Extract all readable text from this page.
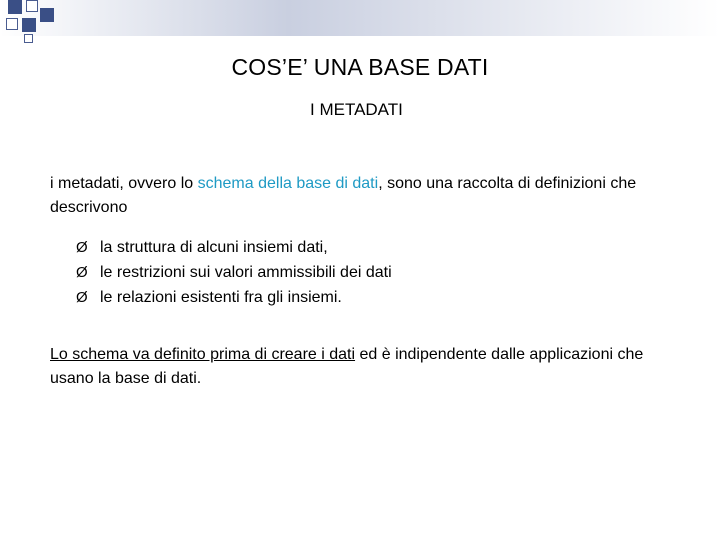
COS’E’ UNA BASE DATI
I METADATI
i metadati, ovvero lo schema della base di dati, sono una raccolta di definizioni che descrivono
Ø la struttura di alcuni insiemi dati,
Ø le restrizioni sui valori ammissibili dei dati
Ø le relazioni esistenti fra gli insiemi.
Lo schema va definito prima di creare i dati ed è indipendente dalle applicazioni che usano la base di dati.
